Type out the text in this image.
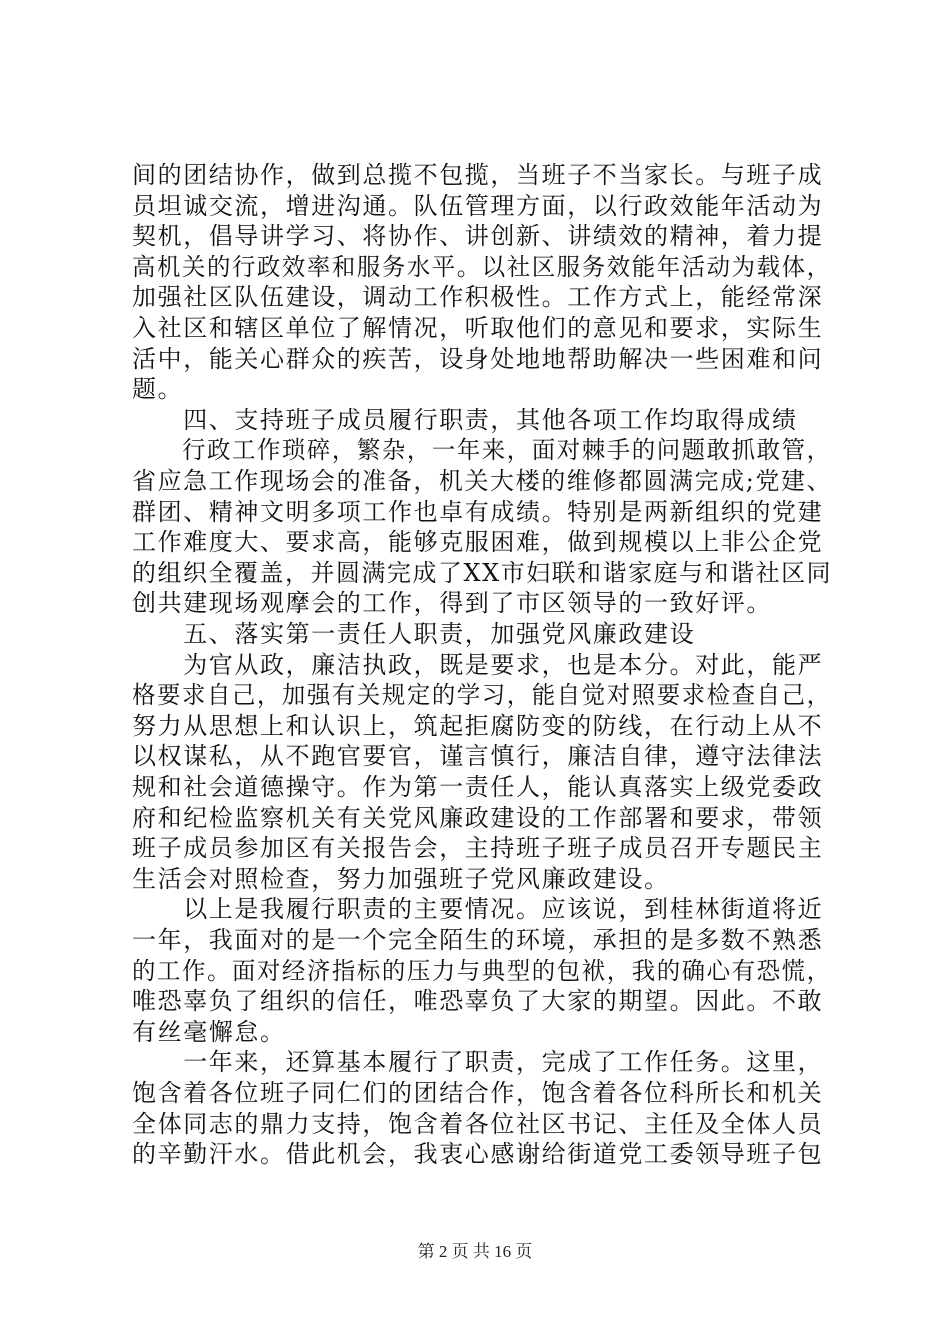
间的团结协作，做到总揽不包揽，当班子不当家长。与班子成
员坦诚交流，增进沟通。队伍管理方面，以行政效能年活动为
契机，倡导讲学习、将协作、讲创新、讲绩效的精神，着力提
高机关的行政效率和服务水平。以社区服务效能年活动为载体，
加强社区队伍建设，调动工作积极性。工作方式上，能经常深
入社区和辖区单位了解情况，听取他们的意见和要求，实际生
活中，能关心群众的疾苦，设身处地地帮助解决一些困难和问
题。
　　四、支持班子成员履行职责，其他各项工作均取得成绩
　　行政工作琐碎，繁杂，一年来，面对棘手的问题敢抓敢管，
省应急工作现场会的准备，机关大楼的维修都圆满完成;党建、
群团、精神文明多项工作也卓有成绩。特别是两新组织的党建
工作难度大、要求高，能够克服困难，做到规模以上非公企党
的组织全覆盖，并圆满完成了XX市妇联和谐家庭与和谐社区同
创共建现场观摩会的工作，得到了市区领导的一致好评。
　　五、落实第一责任人职责，加强党风廉政建设
　　为官从政，廉洁执政，既是要求，也是本分。对此，能严
格要求自己，加强有关规定的学习，能自觉对照要求检查自己，
努力从思想上和认识上，筑起拒腐防变的防线，在行动上从不
以权谋私，从不跑官要官，谨言慎行，廉洁自律，遵守法律法
规和社会道德操守。作为第一责任人，能认真落实上级党委政
府和纪检监察机关有关党风廉政建设的工作部署和要求，带领
班子成员参加区有关报告会，主持班子班子成员召开专题民主
生活会对照检查，努力加强班子党风廉政建设。
　　以上是我履行职责的主要情况。应该说，到桂林街道将近
一年，我面对的是一个完全陌生的环境，承担的是多数不熟悉
的工作。面对经济指标的压力与典型的包袱，我的确心有恐慌，
唯恐辜负了组织的信任，唯恐辜负了大家的期望。因此。不敢
有丝毫懈怠。
　　一年来，还算基本履行了职责，完成了工作任务。这里，
饱含着各位班子同仁们的团结合作，饱含着各位科所长和机关
全体同志的鼎力支持，饱含着各位社区书记、主任及全体人员
的辛勤汗水。借此机会，我衷心感谢给街道党工委领导班子包
第 2 页 共 16 页
